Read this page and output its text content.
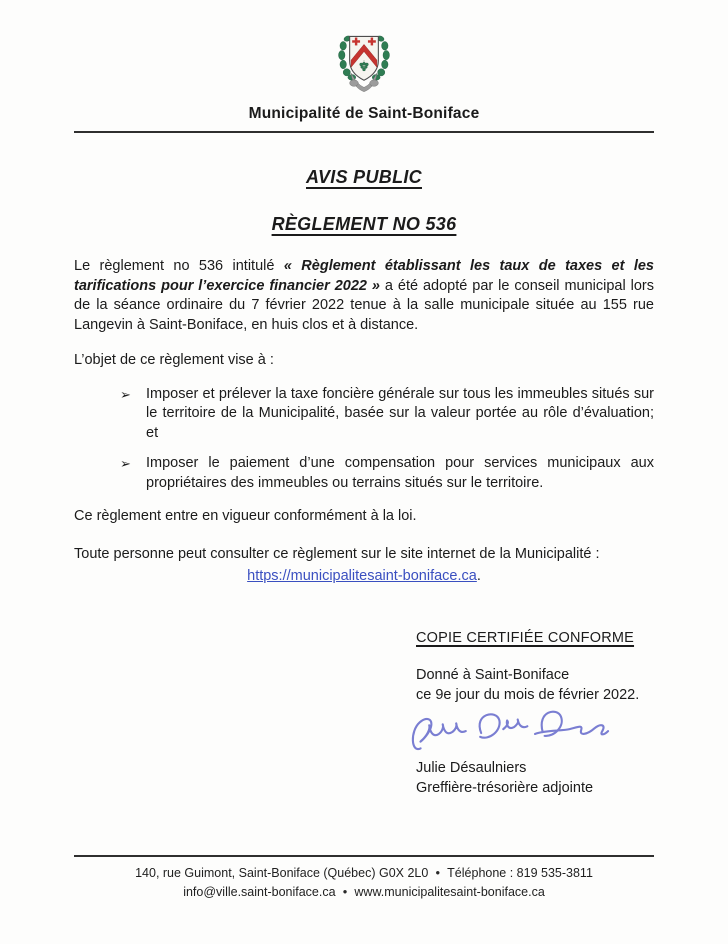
Municipalité de Saint-Boniface
AVIS PUBLIC
RÈGLEMENT NO 536

Le règlement no 536 intitulé « Règlement établissant les taux de taxes et les tarifications pour l’exercice financier 2022 » a été adopté par le conseil municipal lors de la séance ordinaire du 7 février 2022 tenue à la salle municipale située au 155 rue Langevin à Saint-Boniface, en huis clos et à distance.

L’objet de ce règlement vise à :

➢	Imposer et prélever la taxe foncière générale sur tous les immeubles situés sur le territoire de la Municipalité, basée sur la valeur portée au rôle d’évaluation; et
➢	Imposer le paiement d’une compensation pour services municipaux aux propriétaires des immeubles ou terrains situés sur le territoire.

Ce règlement entre en vigueur conformément à la loi.

Toute personne peut consulter ce règlement sur le site internet de la Municipalité :

https://municipalitesaint-boniface.ca.

COPIE CERTIFIÉE CONFORME

Donné à Saint-Boniface

ce 9e jour du mois de février 2022.

Julie Désaulniers

Greffière-trésorière adjointe

140, rue Guimont, Saint-Boniface (Québec) G0X 2L0 ● Téléphone : 819 535-3811
info@ville.saint-boniface.ca ● www.municipalitesaint-boniface.ca
